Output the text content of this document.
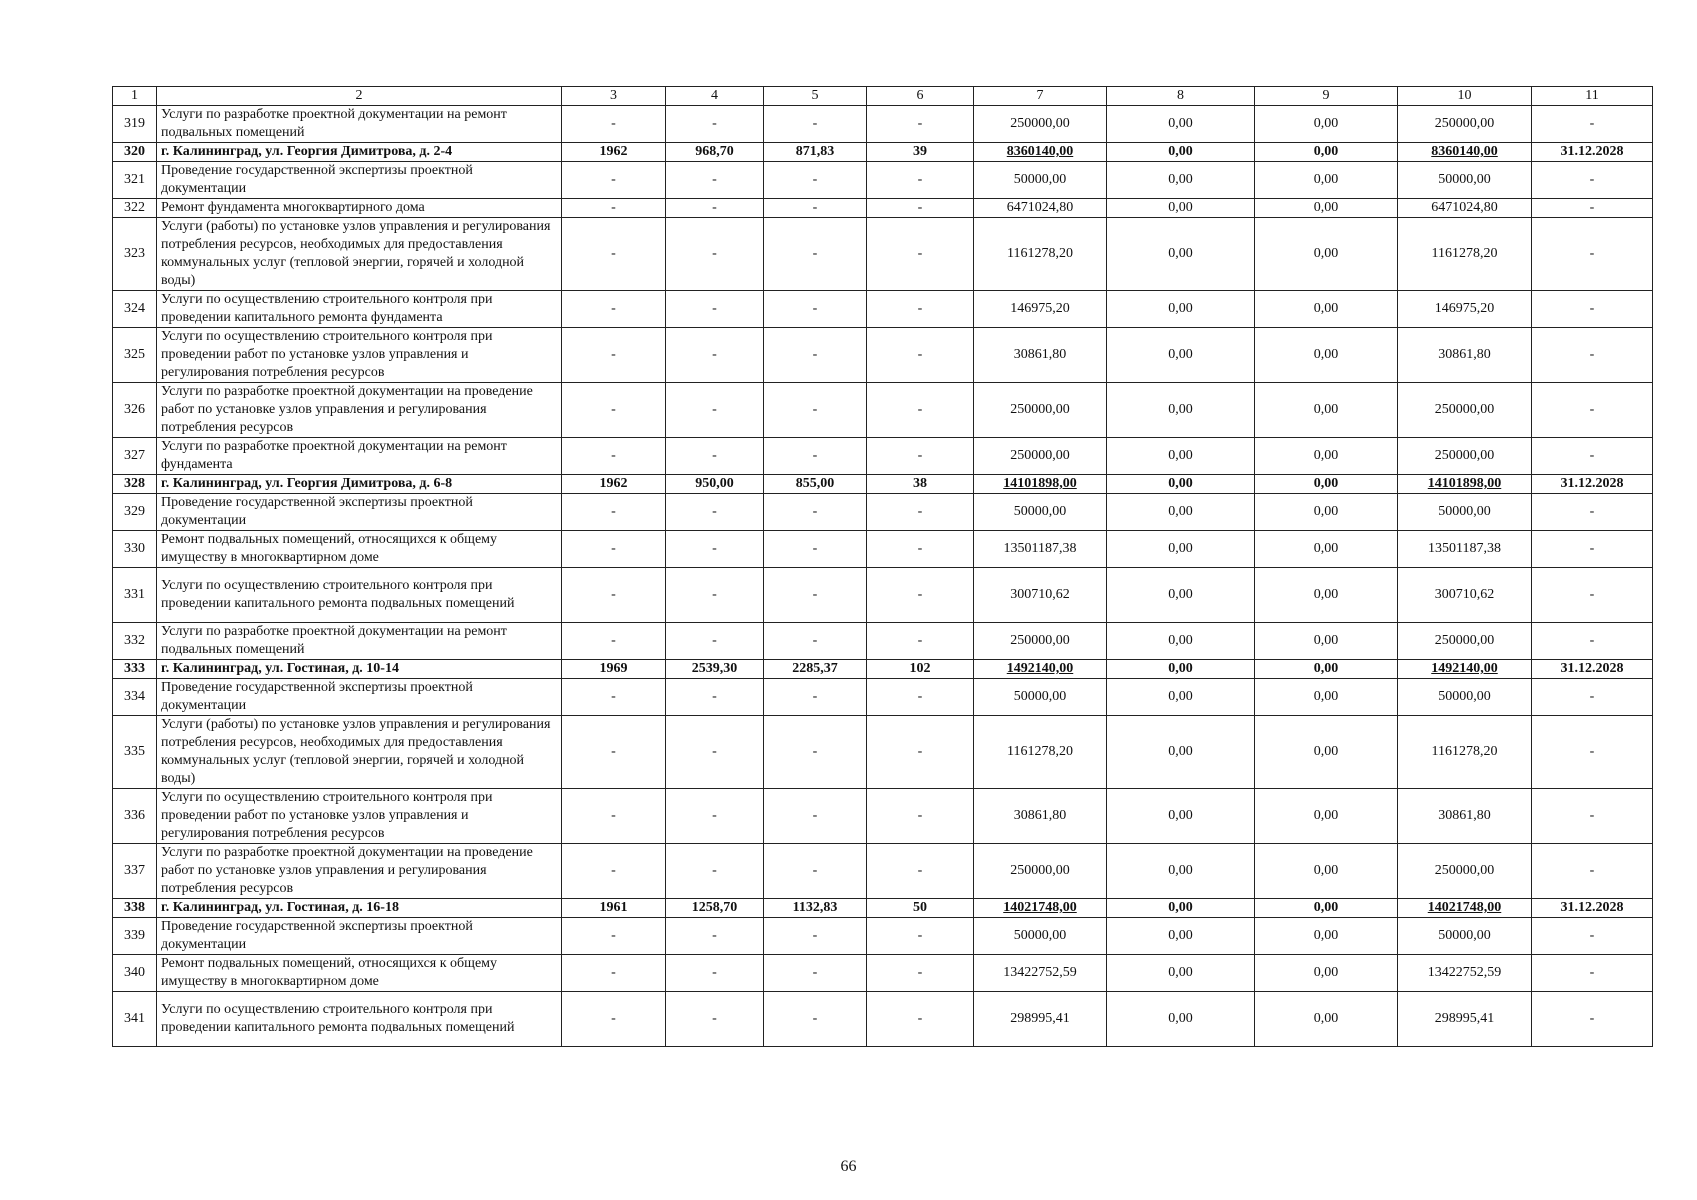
1	2	3	4	5	6	7	8	9	10	11
319	Услуги по разработке проектной документации на ремонт подвальных помещений	-	-	-	-	250000,00	0,00	0,00	250000,00	-
320	г. Калининград, ул. Георгия Димитрова, д. 2-4	1962	968,70	871,83	39	8360140,00	0,00	0,00	8360140,00	31.12.2028
321	Проведение государственной экспертизы проектной документации	-	-	-	-	50000,00	0,00	0,00	50000,00	-
322	Ремонт фундамента многоквартирного дома	-	-	-	-	6471024,80	0,00	0,00	6471024,80	-
323	Услуги (работы) по установке узлов управления и регулирования потребления ресурсов, необходимых для предоставления коммунальных услуг (тепловой энергии, горячей и холодной воды)	-	-	-	-	1161278,20	0,00	0,00	1161278,20	-
324	Услуги по осуществлению строительного контроля при проведении капитального ремонта фундамента	-	-	-	-	146975,20	0,00	0,00	146975,20	-
325	Услуги по осуществлению строительного контроля при проведении работ по установке узлов управления и регулирования потребления ресурсов	-	-	-	-	30861,80	0,00	0,00	30861,80	-
326	Услуги по разработке проектной документации на проведение работ по установке узлов управления и регулирования потребления ресурсов	-	-	-	-	250000,00	0,00	0,00	250000,00	-
327	Услуги по разработке проектной документации на ремонт фундамента	-	-	-	-	250000,00	0,00	0,00	250000,00	-
328	г. Калининград, ул. Георгия Димитрова, д. 6-8	1962	950,00	855,00	38	14101898,00	0,00	0,00	14101898,00	31.12.2028
329	Проведение государственной экспертизы проектной документации	-	-	-	-	50000,00	0,00	0,00	50000,00	-
330	Ремонт подвальных помещений, относящихся к общему имуществу в многоквартирном доме	-	-	-	-	13501187,38	0,00	0,00	13501187,38	-
331	Услуги по осуществлению строительного контроля при проведении капитального ремонта подвальных помещений	-	-	-	-	300710,62	0,00	0,00	300710,62	-
332	Услуги по разработке проектной документации на ремонт подвальных помещений	-	-	-	-	250000,00	0,00	0,00	250000,00	-
333	г. Калининград, ул. Гостиная, д. 10-14	1969	2539,30	2285,37	102	1492140,00	0,00	0,00	1492140,00	31.12.2028
334	Проведение государственной экспертизы проектной документации	-	-	-	-	50000,00	0,00	0,00	50000,00	-
335	Услуги (работы) по установке узлов управления и регулирования потребления ресурсов, необходимых для предоставления коммунальных услуг (тепловой энергии, горячей и холодной воды)	-	-	-	-	1161278,20	0,00	0,00	1161278,20	-
336	Услуги по осуществлению строительного контроля при проведении работ по установке узлов управления и регулирования потребления ресурсов	-	-	-	-	30861,80	0,00	0,00	30861,80	-
337	Услуги по разработке проектной документации на проведение работ по установке узлов управления и регулирования потребления ресурсов	-	-	-	-	250000,00	0,00	0,00	250000,00	-
338	г. Калининград, ул. Гостиная, д. 16-18	1961	1258,70	1132,83	50	14021748,00	0,00	0,00	14021748,00	31.12.2028
339	Проведение государственной экспертизы проектной документации	-	-	-	-	50000,00	0,00	0,00	50000,00	-
340	Ремонт подвальных помещений, относящихся к общему имуществу в многоквартирном доме	-	-	-	-	13422752,59	0,00	0,00	13422752,59	-
341	Услуги по осуществлению строительного контроля при проведении капитального ремонта подвальных помещений	-	-	-	-	298995,41	0,00	0,00	298995,41	-
66
